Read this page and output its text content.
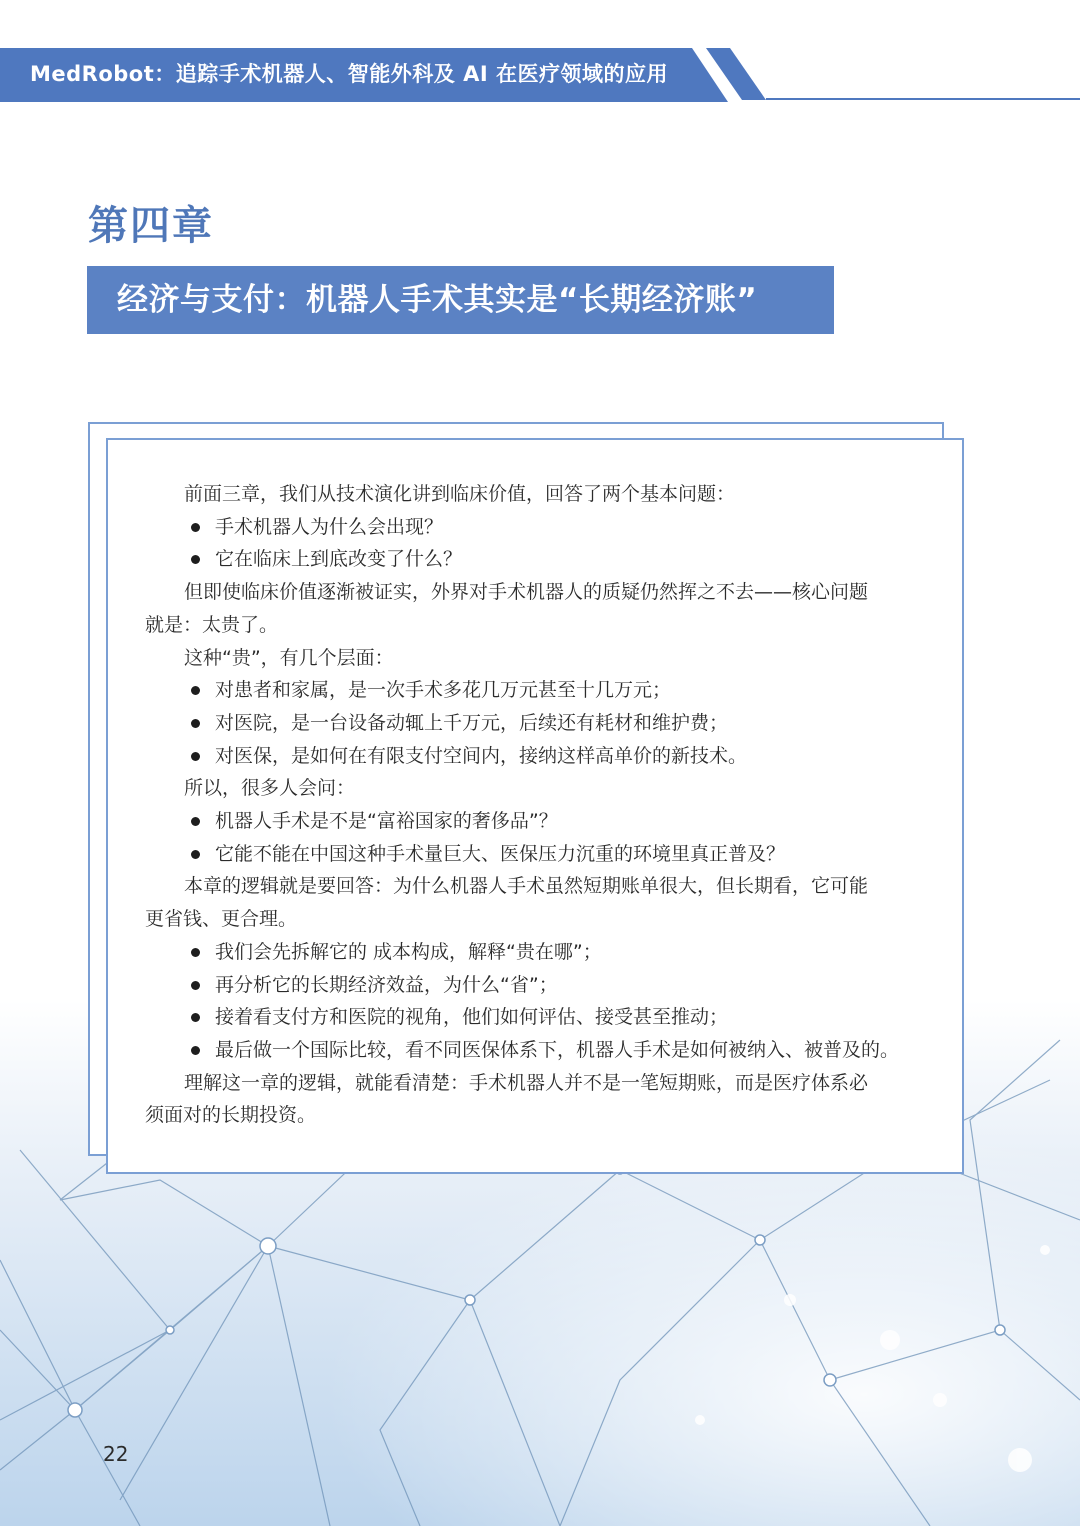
MedRobot：追踪手术机器人、智能外科及 AI 在医疗领域的应用
第四章
经济与支付：机器人手术其实是“长期经济账”

前面三章，我们从技术演化讲到临床价值，回答了两个基本问题：

手术机器人为什么会出现？
它在临床上到底改变了什么？

但即使临床价值逐渐被证实，外界对手术机器人的质疑仍然挥之不去——核心问题

就是：太贵了。

这种“贵”，有几个层面：

对患者和家属，是一次手术多花几万元甚至十几万元；
对医院，是一台设备动辄上千万元，后续还有耗材和维护费；
对医保，是如何在有限支付空间内，接纳这样高单价的新技术。

所以，很多人会问：

机器人手术是不是“富裕国家的奢侈品”？
它能不能在中国这种手术量巨大、医保压力沉重的环境里真正普及？

本章的逻辑就是要回答：为什么机器人手术虽然短期账单很大，但长期看，它可能

更省钱、更合理。

我们会先拆解它的 成本构成，解释“贵在哪”；
再分析它的长期经济效益，为什么“省”；
接着看支付方和医院的视角，他们如何评估、接受甚至推动；
最后做一个国际比较，看不同医保体系下，机器人手术是如何被纳入、被普及的。

理解这一章的逻辑，就能看清楚：手术机器人并不是一笔短期账，而是医疗体系必

须面对的长期投资。

22
